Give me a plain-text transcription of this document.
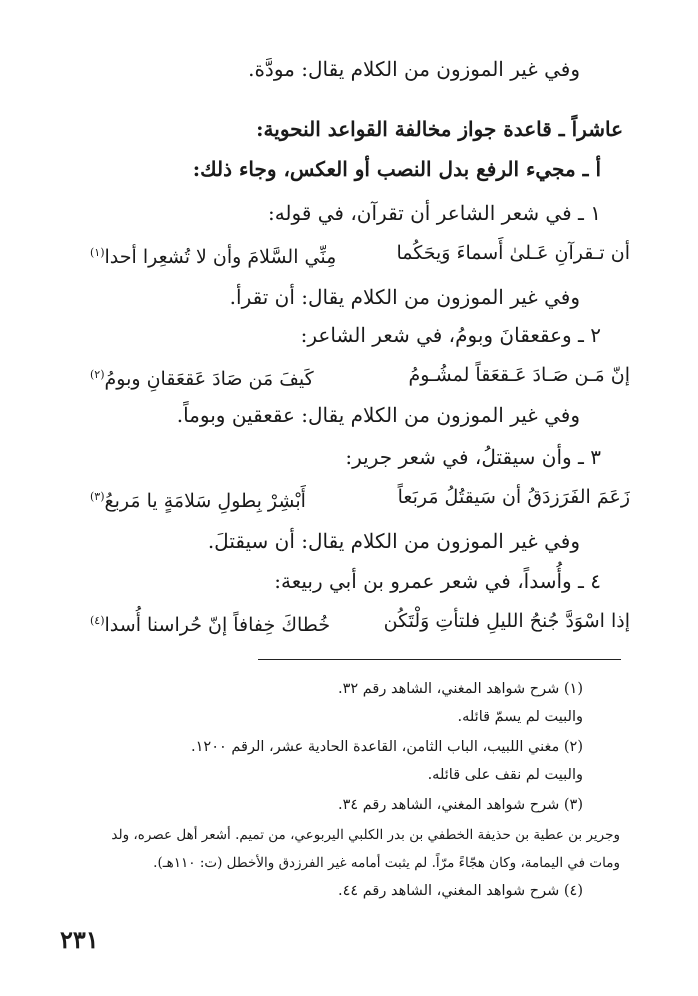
وفي غير الموزون من الكلام يقال: مودَّة.
عاشراً ـ قاعدة جواز مخالفة القواعد النحوية:
أ ـ مجيء الرفع بدل النصب أو العكس، وجاء ذلك:
١ ـ في شعر الشاعر أن تقرآن، في قوله:
أن تـقرآنِ عَـلىٰ أَسماءَ وَيحَكُما
مِنِّي السَّلامَ وأن لا تُشعِرا أحدا$^{(١)}$
وفي غير الموزون من الكلام يقال: أن تقرأ.
٢ ـ وعقعقانَ وبومُ، في شعر الشاعر:
إنّ مَـن صَـادَ عَـقعَقاً لمشُـومُ
كَيفَ مَن صَادَ عَقعَقانِ وبومُ$^{(٢)}$
وفي غير الموزون من الكلام يقال: عقعقين وبوماً.
٣ ـ وأن سيقتلُ، في شعر جرير:
زَعَمَ الفَرَزدَقُ أن سَيقتُلُ مَربَعاً
أَبْشِرْ بِطولِ سَلامَةٍ يا مَربعُ$^{(٣)}$
وفي غير الموزون من الكلام يقال: أن سيقتلَ.
٤ ـ وأُسداً، في شعر عمرو بن أبي ربيعة:
إذا اسْوَدَّ جُنحُ الليلِ فلتأتِ وَلْتَكُن
خُطاكَ خِفافاً إنّ حُراسنا أُسدا$^{(٤)}$
(١) شرح شواهد المغني، الشاهد رقم ٣٢.
والبيت لم يسمّ قائله.
(٢) مغني اللبيب، الباب الثامن، القاعدة الحادية عشر، الرقم ١٢٠٠.
والبيت لم نقف على قائله.
(٣) شرح شواهد المغني، الشاهد رقم ٣٤.
وجرير بن عطية بن حذيفة الخطفي بن بدر الكلبي اليربوعي، من تميم. أشعر أهل عصره، ولد
ومات في اليمامة، وكان هجّاءً مرّاً. لم يثبت أمامه غير الفرزدق والأخطل (ت: ١١٠هـ).
(٤) شرح شواهد المغني، الشاهد رقم ٤٤.
٢٣١
